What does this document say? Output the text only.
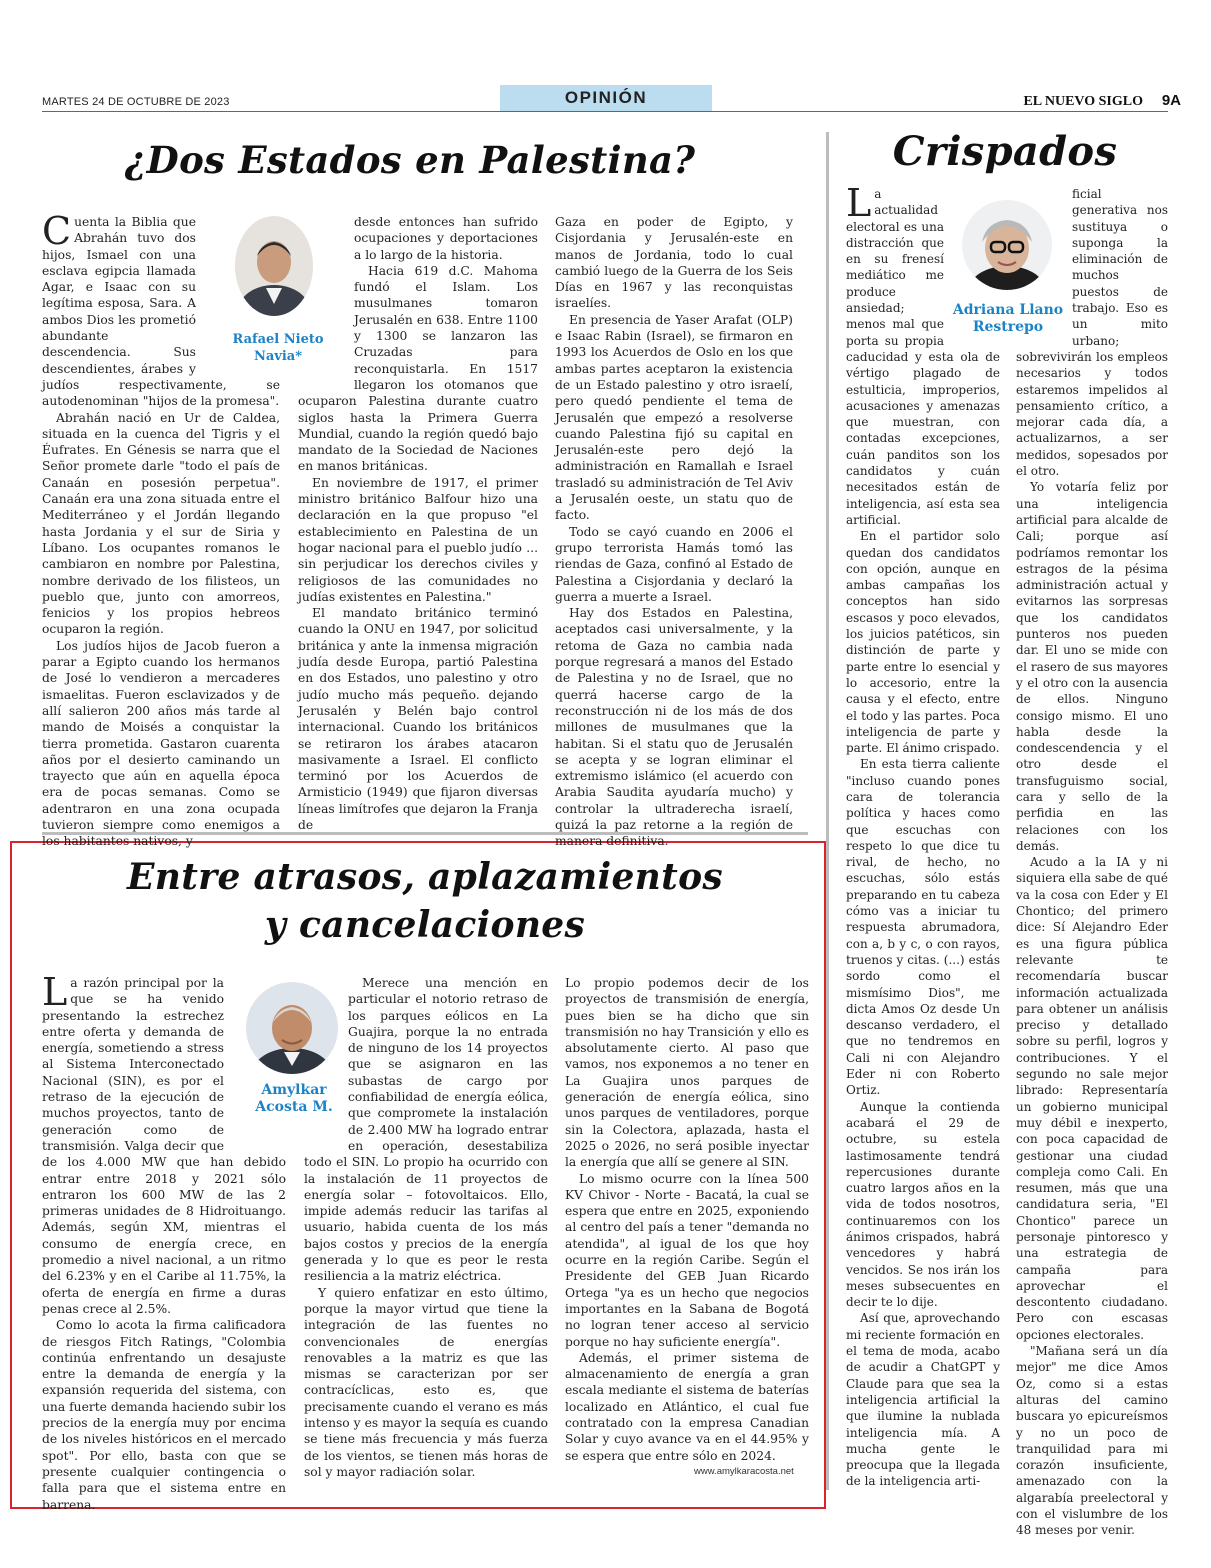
MARTES 24 DE OCTUBRE DE 2023	OPINIÓN	EL NUEVO SIGLO 9A
¿Dos Estados en Palestina?

Cuenta la Biblia que Abrahán tuvo dos hijos, Ismael con una esclava egipcia llamada Agar, e Isaac con su legítima esposa, Sara. A ambos Dios les prometió abundante descendencia. Sus descendientes, árabes y judíos respectivamente, se autodenominan "hijos de la promesa".

Abrahán nació en Ur de Caldea, situada en la cuenca del Tigris y el Éufrates. En Génesis se narra que el Señor promete darle "todo el país de Canaán en posesión perpetua". Canaán era una zona situada entre el Mediterráneo y el Jordán llegando hasta Jordania y el sur de Siria y Líbano. Los ocupantes romanos le cambiaron en nombre por Palestina, nombre derivado de los filisteos, un pueblo que, junto con amorreos, fenicios y los propios hebreos ocuparon la región.

Los judíos hijos de Jacob fueron a parar a Egipto cuando los hermanos de José lo vendieron a mercaderes ismaelitas. Fueron esclavizados y de allí salieron 200 años más tarde al mando de Moisés a conquistar la tierra prometida. Gastaron cuarenta años por el desierto caminando un trayecto que aún en aquella época era de pocas semanas. Como se adentraron en una zona ocupada tuvieron siempre como enemigos a los habitantes nativos, y

Rafael Nieto
Navia*

desde entonces han sufrido ocupaciones y deportaciones a lo largo de la historia.

Hacia 619 d.C. Mahoma fundó el Islam. Los musulmanes tomaron Jerusalén en 638. Entre 1100 y 1300 se lanzaron las Cruzadas para reconquistarla. En 1517 llegaron los otomanos que ocuparon Palestina durante cuatro siglos hasta la Primera Guerra Mundial, cuando la región quedó bajo mandato de la Sociedad de Naciones en manos británicas.

En noviembre de 1917, el primer ministro británico Balfour hizo una declaración en la que propuso "el establecimiento en Palestina de un hogar nacional para el pueblo judío ... sin perjudicar los derechos civiles y religiosos de las comunidades no judías existentes en Palestina."

El mandato británico terminó cuando la ONU en 1947, por solicitud británica y ante la inmensa migración judía desde Europa, partió Palestina en dos Estados, uno palestino y otro judío mucho más pequeño. dejando Jerusalén y Belén bajo control internacional. Cuando los británicos se retiraron los árabes atacaron masivamente a Israel. El conflicto terminó por los Acuerdos de Armisticio (1949) que fijaron diversas líneas limítrofes que dejaron la Franja de

Gaza en poder de Egipto, y Cisjordania y Jerusalén-este en manos de Jordania, todo lo cual cambió luego de la Guerra de los Seis Días en 1967 y las reconquistas israelíes.

En presencia de Yaser Arafat (OLP) e Isaac Rabin (Israel), se firmaron en 1993 los Acuerdos de Oslo en los que ambas partes aceptaron la existencia de un Estado palestino y otro israelí, pero quedó pendiente el tema de Jerusalén que empezó a resolverse cuando Palestina fijó su capital en Jerusalén-este pero dejó la administración en Ramallah e Israel trasladó su administración de Tel Aviv a Jerusalén oeste, un statu quo de facto.

Todo se cayó cuando en 2006 el grupo terrorista Hamás tomó las riendas de Gaza, confinó al Estado de Palestina a Cisjordania y declaró la guerra a muerte a Israel.

Hay dos Estados en Palestina, aceptados casi universalmente, y la retoma de Gaza no cambia nada porque regresará a manos del Estado de Palestina y no de Israel, que no querrá hacerse cargo de la reconstrucción ni de los más de dos millones de musulmanes que la habitan. Si el statu quo de Jerusalén se acepta y se logran eliminar el extremismo islámico (el acuerdo con Arabia Saudita ayudaría mucho) y controlar la ultraderecha israelí, quizá la paz retorne a la región de manera definitiva.

Entre atrasos, aplazamientos
y cancelaciones

La razón principal por la que se ha venido presentando la estrechez entre oferta y demanda de energía, sometiendo a stress al Sistema Interconectado Nacional (SIN), es por el retraso de la ejecución de muchos proyectos, tanto de generación como de transmisión. Valga decir que de los 4.000 MW que han debido entrar entre 2018 y 2021 sólo entraron los 600 MW de las 2 primeras unidades de 8 Hidroituango. Además, según XM, mientras el consumo de energía crece, en promedio a nivel nacional, a un ritmo del 6.23% y en el Caribe al 11.75%, la oferta de energía en firme a duras penas crece al 2.5%.

Como lo acota la firma calificadora de riesgos Fitch Ratings, "Colombia continúa enfrentando un desajuste entre la demanda de energía y la expansión requerida del sistema, con una fuerte demanda haciendo subir los precios de la energía muy por encima de los niveles históricos en el mercado spot". Por ello, basta con que se presente cualquier contingencia o falla para que el sistema entre en barrena.

Amylkar
Acosta M.

Merece una mención en particular el notorio retraso de los parques eólicos en La Guajira, porque la no entrada de ninguno de los 14 proyectos que se asignaron en las subastas de cargo por confiabilidad de energía eólica, que compromete la instalación de 2.400 MW ha logrado entrar en operación, desestabiliza todo el SIN. Lo propio ha ocurrido con la instalación de 11 proyectos de energía solar – fotovoltaicos. Ello, impide además reducir las tarifas al usuario, habida cuenta de los más bajos costos y precios de la energía generada y lo que es peor le resta resiliencia a la matriz eléctrica.

Y quiero enfatizar en esto último, porque la mayor virtud que tiene la integración de las fuentes no convencionales de energías renovables a la matriz es que las mismas se caracterizan por ser contracíclicas, esto es, que precisamente cuando el verano es más intenso y es mayor la sequía es cuando se tiene más frecuencia y más fuerza de los vientos, se tienen más horas de sol y mayor radiación solar.

Lo propio podemos decir de los proyectos de transmisión de energía, pues bien se ha dicho que sin transmisión no hay Transición y ello es absolutamente cierto. Al paso que vamos, nos exponemos a no tener en La Guajira unos parques de generación de energía eólica, sino unos parques de ventiladores, porque sin la Colectora, aplazada, hasta el 2025 o 2026, no será posible inyectar la energía que allí se genere al SIN.

Lo mismo ocurre con la línea 500 KV Chivor - Norte - Bacatá, la cual se espera que entre en 2025, exponiendo al centro del país a tener "demanda no atendida", al igual de los que hoy ocurre en la región Caribe. Según el Presidente del GEB Juan Ricardo Ortega "ya es un hecho que negocios importantes en la Sabana de Bogotá no logran tener acceso al servicio porque no hay suficiente energía".

Además, el primer sistema de almacenamiento de energía a gran escala mediante el sistema de baterías localizado en Atlántico, el cual fue contratado con la empresa Canadian Solar y cuyo avance va en el 44.95% y se espera que entre sólo en 2024.

www.amylkaracosta.net
Crispados

La actualidad electoral es una distracción que en su frenesí mediático me produce ansiedad; menos mal que porta su propia caducidad y esta ola de vértigo plagado de estulticia, improperios, acusaciones y amenazas que muestran, con contadas excepciones, cuán panditos son los candidatos y cuán necesitados están de inteligencia, así esta sea artificial.

En el partidor solo quedan dos candidatos con opción, aunque en ambas campañas los conceptos han sido escasos y poco elevados, los juicios patéticos, sin distinción de parte y parte entre lo esencial y lo accesorio, entre la causa y el efecto, entre el todo y las partes. Poca inteligencia de parte y parte. El ánimo crispado.

En esta tierra caliente "incluso cuando pones cara de tolerancia política y haces como que escuchas con respeto lo que dice tu rival, de hecho, no escuchas, sólo estás preparando en tu cabeza cómo vas a iniciar tu respuesta abrumadora, con a, b y c, o con rayos, truenos y citas. (...) estás sordo como el mismísimo Dios", me dicta Amos Oz desde Un descanso verdadero, el que no tendremos en Cali ni con Alejandro Eder ni con Roberto Ortiz.

Aunque la contienda acabará el 29 de octubre, su estela lastimosamente tendrá repercusiones durante cuatro largos años en la vida de todos nosotros, continuaremos con los ánimos crispados, habrá vencedores y habrá vencidos. Se nos irán los meses subsecuentes en decir te lo dije.

Así que, aprovechando mi reciente formación en el tema de moda, acabo de acudir a ChatGPT y Claude para que sea la inteligencia artificial la que ilumine la nublada inteligencia mía. A mucha gente le preocupa que la llegada de la inteligencia arti-

Adriana Llano
Restrepo

ficial generativa nos sustituya o suponga la eliminación de muchos puestos de trabajo. Eso es un mito urbano; sobrevivirán los empleos necesarios y todos estaremos impelidos al pensamiento crítico, a mejorar cada día, a actualizarnos, a ser medidos, sopesados por el otro.

Yo votaría feliz por una inteligencia artificial para alcalde de Cali; porque así podríamos remontar los estragos de la pésima administración actual y evitarnos las sorpresas que los candidatos punteros nos pueden dar. El uno se mide con el rasero de sus mayores y el otro con la ausencia de ellos. Ninguno consigo mismo. El uno habla desde la condescendencia y el otro desde el transfuguismo social, cara y sello de la perfidia en las relaciones con los demás.

Acudo a la IA y ni siquiera ella sabe de qué va la cosa con Eder y El Chontico; del primero dice: Sí Alejandro Eder es una figura pública relevante te recomendaría buscar información actualizada para obtener un análisis preciso y detallado sobre su perfil, logros y contribuciones. Y el segundo no sale mejor librado: Representaría un gobierno municipal muy débil e inexperto, con poca capacidad de gestionar una ciudad compleja como Cali. En resumen, más que una candidatura seria, "El Chontico" parece un personaje pintoresco y una estrategia de campaña para aprovechar el descontento ciudadano. Pero con escasas opciones electorales.

"Mañana será un día mejor" me dice Amos Oz, como si a estas alturas del camino buscara yo epicureísmos y no un poco de tranquilidad para mi corazón insuficiente, amenazado con la algarabía preelectoral y con el vislumbre de los 48 meses por venir.
